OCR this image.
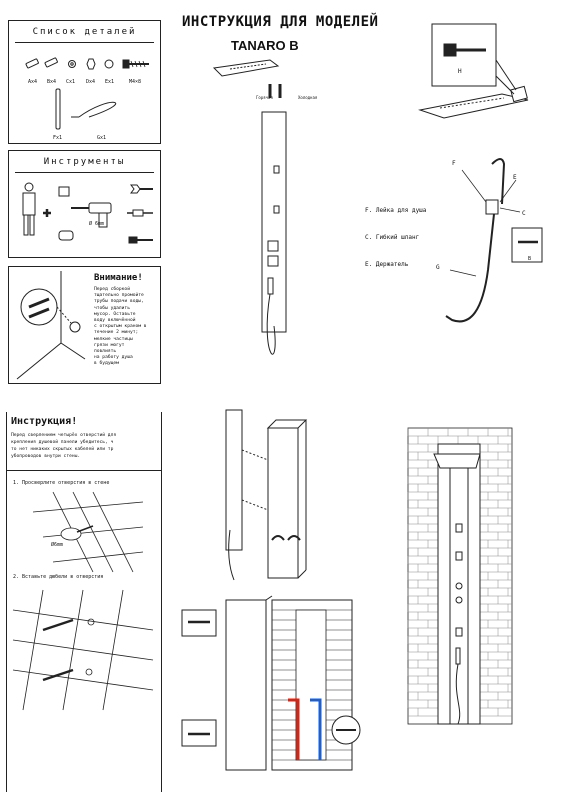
ИНСТРУКЦИЯ ДЛЯ МОДЕЛЕЙ
TANARO B
Список деталей
Ax4 Bx4 Cx1 Dx4 Ex1	M4×8
Fx1	Gx1
Инструменты
Ø 6mm
Внимание!
Перед сборкой
тщательно промойте
трубы подачи воды,
чтобы удалить
мусор. Оставьте
воду включённой
с открытым краном в
течение 2 минут;
мелкие частицы
грязи могут
повлиять
на работу душа
в будущем
Горячая	Холодная
H
F
E
C
G
B

F. Лейка для душа

C. Гибкий шланг

E. Держатель

Инструкция!
Перед сверлением четырёх отверстий для
крепления душевой панели убедитесь, ч
то нет никаких скрытых кабелей или тр
убопроводов внутри стены.
1. Просверлите отверстия в стене
Ø6mm
2. Вставьте дюбели в отверстия
